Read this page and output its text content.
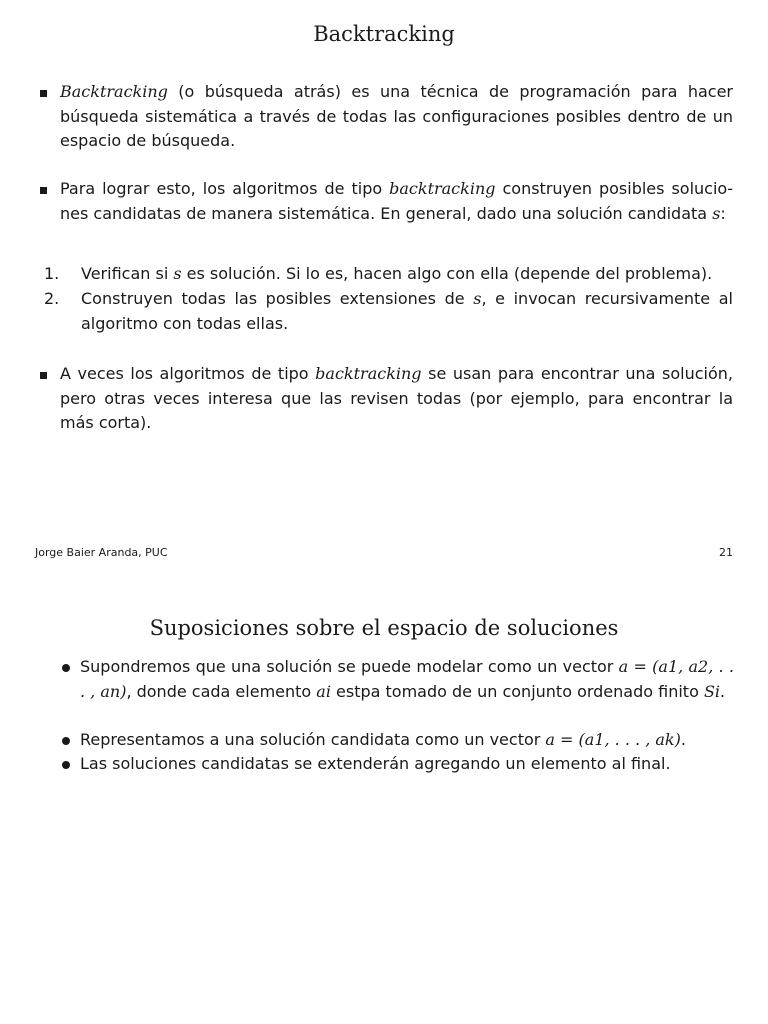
Backtracking
Backtracking (o búsqueda atrás) es una técnica de programación para hacer búsqueda sistemática a través de todas las configuraciones posibles dentro de un espacio de búsqueda.
Para lograr esto, los algoritmos de tipo backtracking construyen posibles soluciones candidatas de manera sistemática. En general, dado una solución candidata s:
1. Verifican si s es solución. Si lo es, hacen algo con ella (depende del problema).
2. Construyen todas las posibles extensiones de s, e invocan recursivamente al algoritmo con todas ellas.
A veces los algoritmos de tipo backtracking se usan para encontrar una solución, pero otras veces interesa que las revisen todas (por ejemplo, para encontrar la más corta).
Jorge Baier Aranda, PUC	21
Suposiciones sobre el espacio de soluciones
Supondremos que una solución se puede modelar como un vector a = (a1, a2, . . . , an), donde cada elemento ai estpa tomado de un conjunto ordenado finito Si.
Representamos a una solución candidata como un vector a = (a1, . . . , ak).
Las soluciones candidatas se extenderán agregando un elemento al final.
